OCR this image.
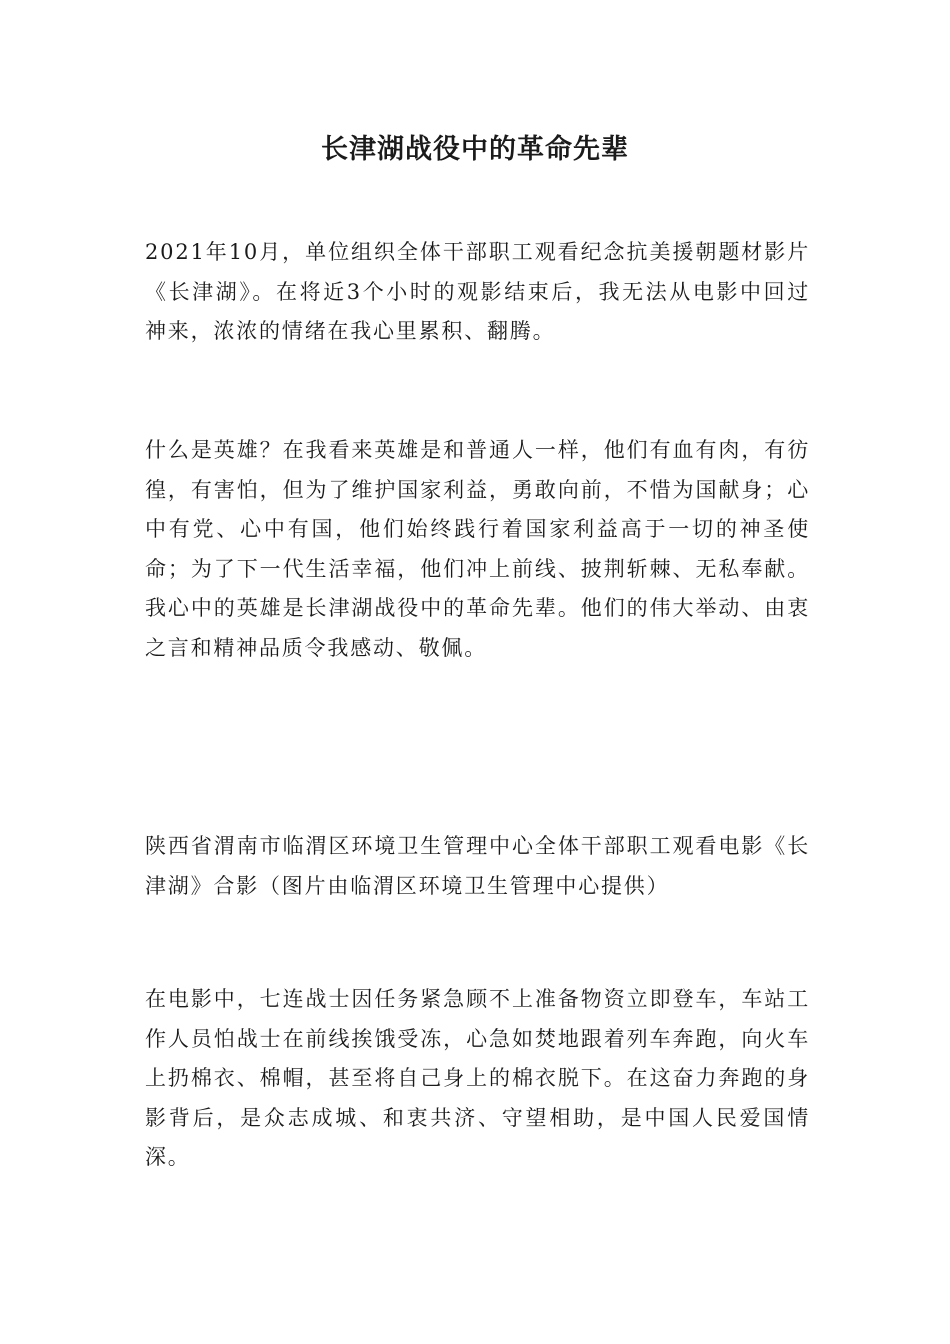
长津湖战役中的革命先辈

2021年10月，单位组织全体干部职工观看纪念抗美援朝题材影片《长津湖》。在将近3个小时的观影结束后，我无法从电影中回过神来，浓浓的情绪在我心里累积、翻腾。

什么是英雄？在我看来英雄是和普通人一样，他们有血有肉，有彷徨，有害怕，但为了维护国家利益，勇敢向前，不惜为国献身；心中有党、心中有国，他们始终践行着国家利益高于一切的神圣使命；为了下一代生活幸福，他们冲上前线、披荆斩棘、无私奉献。我心中的英雄是长津湖战役中的革命先辈。他们的伟大举动、由衷之言和精神品质令我感动、敬佩。

陕西省渭南市临渭区环境卫生管理中心全体干部职工观看电影《长津湖》合影（图片由临渭区环境卫生管理中心提供）

在电影中，七连战士因任务紧急顾不上准备物资立即登车，车站工作人员怕战士在前线挨饿受冻，心急如焚地跟着列车奔跑，向火车上扔棉衣、棉帽，甚至将自己身上的棉衣脱下。在这奋力奔跑的身影背后，是众志成城、和衷共济、守望相助，是中国人民爱国情深。
